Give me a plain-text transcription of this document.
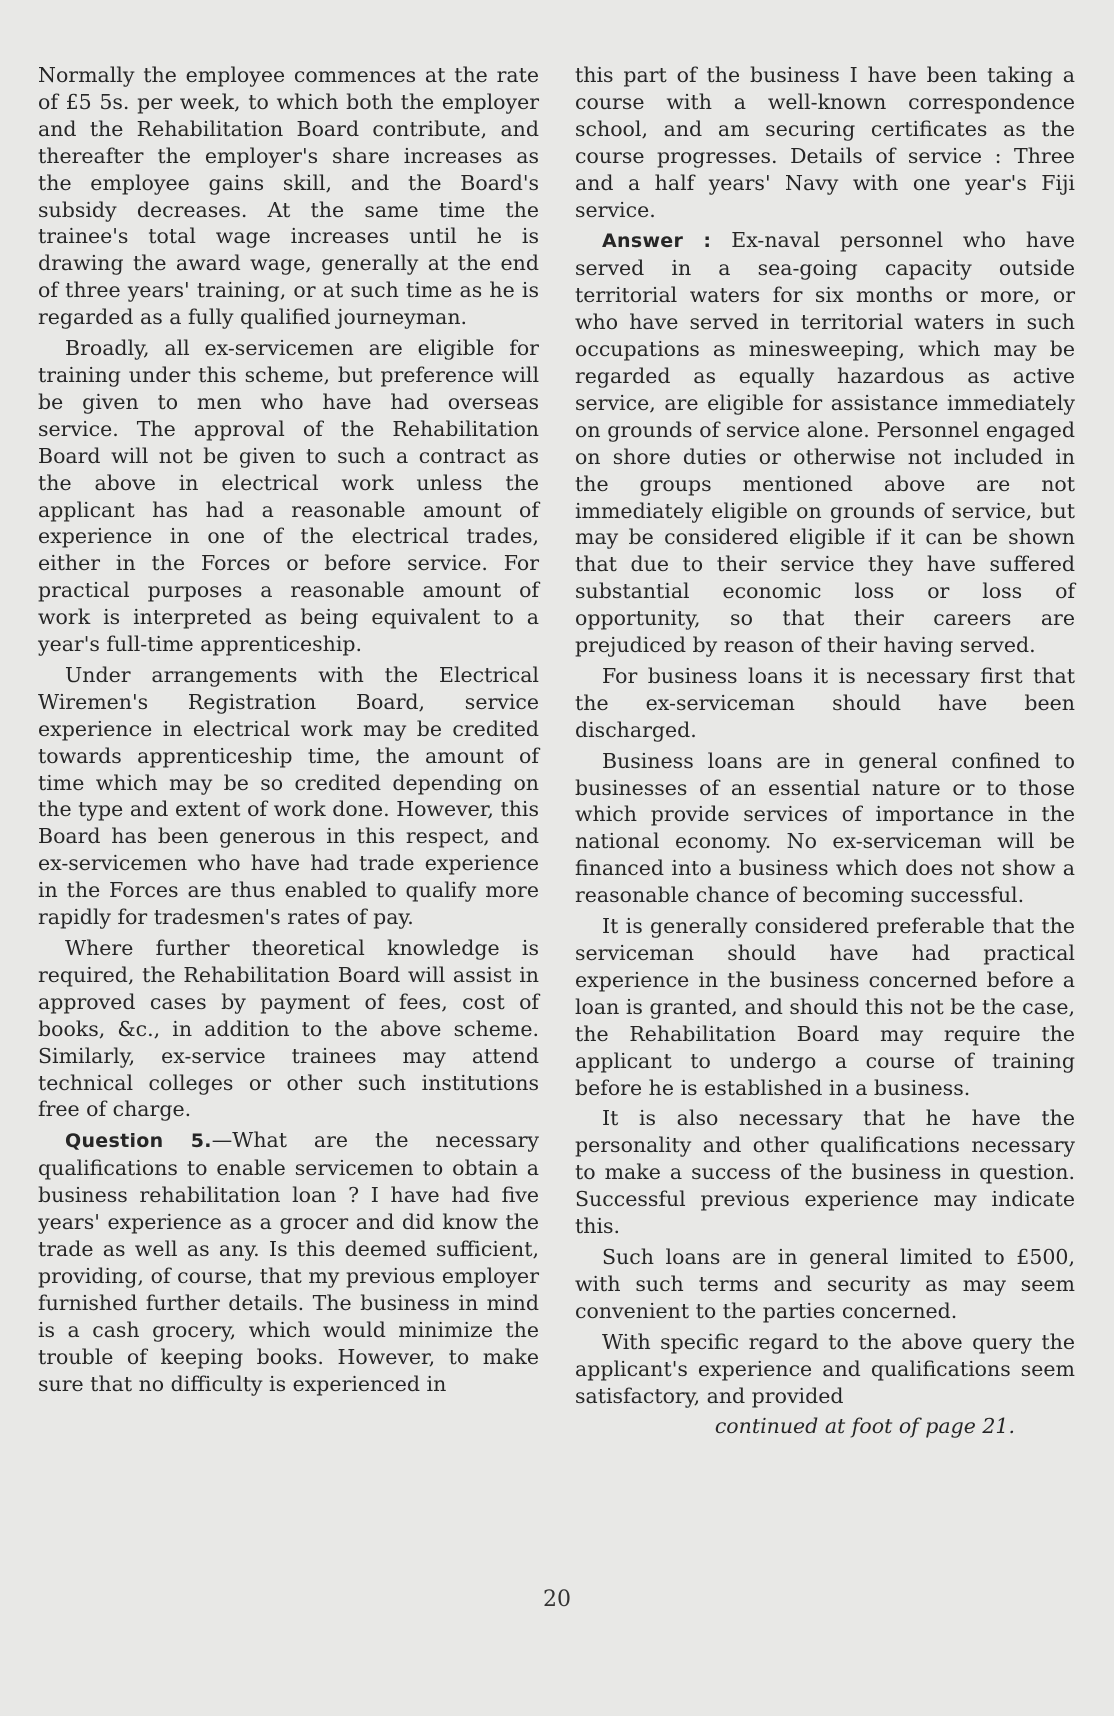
Normally the employee commences at the rate of £5 5s. per week, to which both the employer and the Rehabilitation Board contribute, and thereafter the employer's share increases as the employee gains skill, and the Board's subsidy decreases. At the same time the trainee's total wage increases until he is drawing the award wage, generally at the end of three years' training, or at such time as he is regarded as a fully qualified journeyman.

Broadly, all ex-servicemen are eligible for training under this scheme, but preference will be given to men who have had overseas service. The approval of the Rehabilitation Board will not be given to such a contract as the above in electrical work unless the applicant has had a reasonable amount of experience in one of the electrical trades, either in the Forces or before service. For practical purposes a reasonable amount of work is interpreted as being equivalent to a year's full-time apprenticeship.

Under arrangements with the Electrical Wiremen's Registration Board, service experience in electrical work may be credited towards apprenticeship time, the amount of time which may be so credited depending on the type and extent of work done. However, this Board has been generous in this respect, and ex-servicemen who have had trade experience in the Forces are thus enabled to qualify more rapidly for tradesmen's rates of pay.

Where further theoretical knowledge is required, the Rehabilitation Board will assist in approved cases by payment of fees, cost of books, &c., in addition to the above scheme. Similarly, ex-service trainees may attend technical colleges or other such institutions free of charge.

Question 5.—What are the necessary qualifications to enable servicemen to obtain a business rehabilitation loan ? I have had five years' experience as a grocer and did know the trade as well as any. Is this deemed sufficient, providing, of course, that my previous employer furnished further details. The business in mind is a cash grocery, which would minimize the trouble of keeping books. However, to make sure that no difficulty is experienced in

this part of the business I have been taking a course with a well-known correspondence school, and am securing certificates as the course progresses. Details of service : Three and a half years' Navy with one year's Fiji service.

Answer : Ex-naval personnel who have served in a sea-going capacity outside territorial waters for six months or more, or who have served in territorial waters in such occupations as minesweeping, which may be regarded as equally hazardous as active service, are eligible for assistance immediately on grounds of service alone. Personnel engaged on shore duties or otherwise not included in the groups mentioned above are not immediately eligible on grounds of service, but may be considered eligible if it can be shown that due to their service they have suffered substantial economic loss or loss of opportunity, so that their careers are prejudiced by reason of their having served.

For business loans it is necessary first that the ex-serviceman should have been discharged.

Business loans are in general confined to businesses of an essential nature or to those which provide services of importance in the national economy. No ex-serviceman will be financed into a business which does not show a reasonable chance of becoming successful.

It is generally considered preferable that the serviceman should have had practical experience in the business concerned before a loan is granted, and should this not be the case, the Rehabilitation Board may require the applicant to undergo a course of training before he is established in a business.

It is also necessary that he have the personality and other qualifications necessary to make a success of the business in question. Successful previous experience may indicate this.

Such loans are in general limited to £500, with such terms and security as may seem convenient to the parties concerned.

With specific regard to the above query the applicant's experience and qualifications seem satisfactory, and provided

continued at foot of page 21.

20
